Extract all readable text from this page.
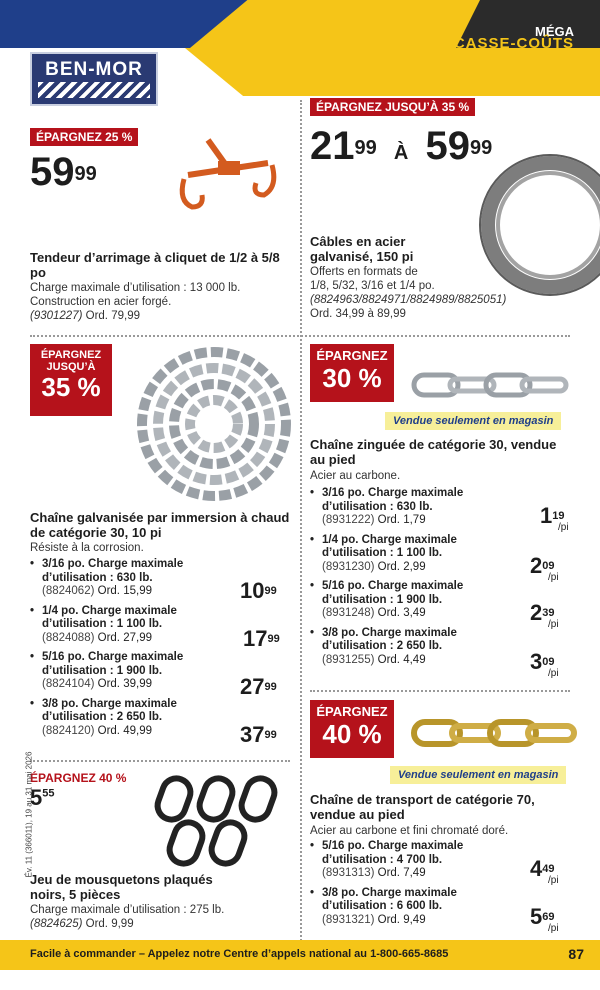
MÉGA
CASSE-COÛTS
BEN-MOR
ÉPARGNEZ 25 %
$59^{99}$
Tendeur d’arrimage à cliquet de 1/2 à 5/8 po
Charge maximale d’utilisation : 13 000 lb.
Construction en acier forgé.
(9301227) Ord. 79,99
ÉPARGNEZ JUSQU’À 35 %
$21^{99}$ À $59^{99}$
Câbles en acier galvanisé, 150 pi
Offerts en formats de
1/8, 5/32, 3/16 et 1/4 po.
(8824963/8824971/8824989/8825051)
Ord. 34,99 à 89,99
ÉPARGNEZ
JUSQU’À
35 %
Chaîne galvanisée par immersion à chaud de catégorie 30, 10 pi
Résiste à la corrosion.
• 3/16 po. Charge maximale
d’utilisation : 630 lb.
(8824062) Ord. 15,99
• 1/4 po. Charge maximale
d’utilisation : 1 100 lb.
(8824088) Ord. 27,99
• 5/16 po. Charge maximale
d’utilisation : 1 900 lb.
(8824104) Ord. 39,99
• 3/8 po. Charge maximale
d’utilisation : 2 650 lb.
(8824120) Ord. 49,99
$10^{99}$
$17^{99}$
$27^{99}$
$37^{99}$
ÉPARGNEZ
30 %
Vendue seulement en magasin
Chaîne zinguée de catégorie 30, vendue au pied
Acier au carbone.
• 3/16 po. Charge maximale
d’utilisation : 630 lb.
(8931222) Ord. 1,79
• 1/4 po. Charge maximale
d’utilisation : 1 100 lb.
(8931230) Ord. 2,99
• 5/16 po. Charge maximale
d’utilisation : 1 900 lb.
(8931248) Ord. 3,49
• 3/8 po. Charge maximale
d’utilisation : 2 650 lb.
(8931255) Ord. 4,49
$1^{19}$
/pi
$2^{09}$
/pi
$2^{39}$
/pi
$3^{09}$
/pi
ÉPARGNEZ 40 %
$5^{55}$
Jeu de mousquetons plaqués noirs, 5 pièces
Charge maximale d’utilisation : 275 lb.
(8824625) Ord. 9,99
ÉPARGNEZ
40 %
Vendue seulement en magasin
Chaîne de transport de catégorie 70, vendue au pied
Acier au carbone et fini chromaté doré.
• 5/16 po. Charge maximale
d’utilisation : 4 700 lb.
(8931313) Ord. 7,49
• 3/8 po. Charge maximale
d’utilisation : 6 600 lb.
(8931321) Ord. 9,49
$4^{49}$
/pi
$5^{69}$
/pi
Év. 11 (366011), 19 au 31 mai 2026
Facile à commander – Appelez notre Centre d’appels national au 1-800-665-8685	87
